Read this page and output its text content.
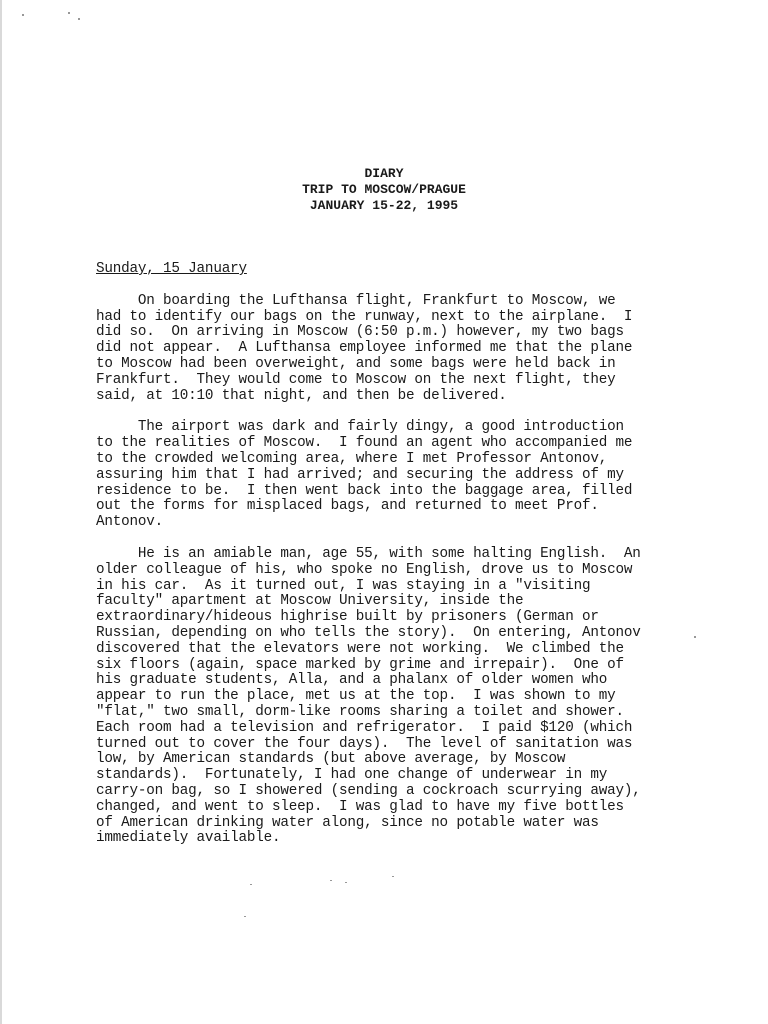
DIARY
TRIP TO MOSCOW/PRAGUE
JANUARY 15-22, 1995
Sunday, 15 January

On boarding the Lufthansa flight, Frankfurt to Moscow, we
had to identify our bags on the runway, next to the airplane.  I
did so.  On arriving in Moscow (6:50 p.m.) however, my two bags
did not appear.  A Lufthansa employee informed me that the plane
to Moscow had been overweight, and some bags were held back in
Frankfurt.  They would come to Moscow on the next flight, they
said, at 10:10 that night, and then be delivered.

The airport was dark and fairly dingy, a good introduction
to the realities of Moscow.  I found an agent who accompanied me
to the crowded welcoming area, where I met Professor Antonov,
assuring him that I had arrived; and securing the address of my
residence to be.  I then went back into the baggage area, filled
out the forms for misplaced bags, and returned to meet Prof.
Antonov.

He is an amiable man, age 55, with some halting English.  An
older colleague of his, who spoke no English, drove us to Moscow
in his car.  As it turned out, I was staying in a "visiting
faculty" apartment at Moscow University, inside the
extraordinary/hideous highrise built by prisoners (German or
Russian, depending on who tells the story).  On entering, Antonov
discovered that the elevators were not working.  We climbed the
six floors (again, space marked by grime and irrepair).  One of
his graduate students, Alla, and a phalanx of older women who
appear to run the place, met us at the top.  I was shown to my
"flat," two small, dorm-like rooms sharing a toilet and shower.
Each room had a television and refrigerator.  I paid $120 (which
turned out to cover the four days).  The level of sanitation was
low, by American standards (but above average, by Moscow
standards).  Fortunately, I had one change of underwear in my
carry-on bag, so I showered (sending a cockroach scurrying away),
changed, and went to sleep.  I was glad to have my five bottles
of American drinking water along, since no potable water was
immediately available.
